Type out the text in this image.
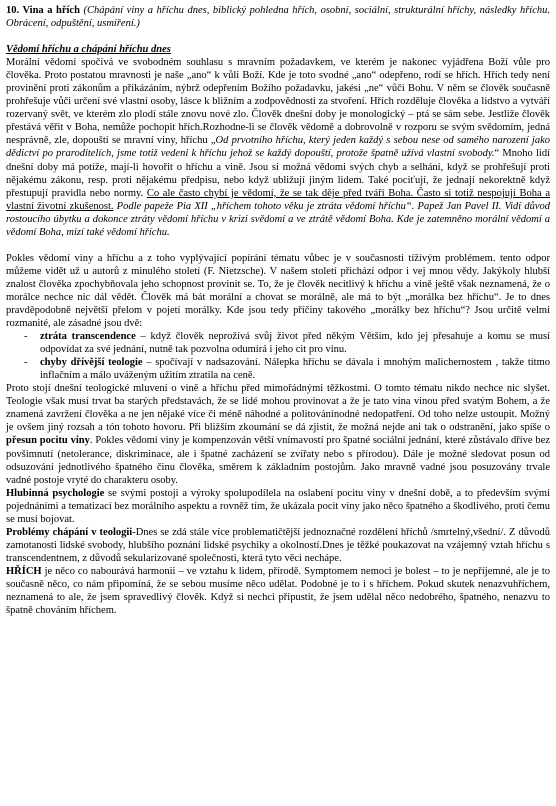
10. Vina a hřích (Chápání viny a hříchu dnes, biblický pohledna hřích, osobní, sociální, strukturální hříchy, následky hříchu. Obrácení, odpuštění, usmíření.)

Vědomí hříchu a chápání hříchu dnes

Morální vědomí spočívá ve svobodném souhlasu s mravním požadavkem, ve kterém je nakonec vyjádřena Boží vůle pro člověka. Proto postatou mravnosti je naše „ano“ k vůli Boží. Kde je toto svodné „ano“ odepřeno, rodí se hřích. Hřích tedy není provinění proti zákonům a přikázáním, nýbrž odepřením Božího požadavku, jakési „ne“ vůči Bohu. V něm se člověk současně prohřešuje vůči určení své vlastní osoby, lásce k bližním a zodpovědnosti za stvoření. Hřích rozděluje člověka a lidstvo a vytváří rozervaný svět, ve kterém zlo plodí stále znovu nové zlo. Člověk dnešní doby je monologický – ptá se sám sebe. Jestliže člověk přestává věřit v Boha, nemůže pochopit hřích.Rozhodne-li se člověk vědomě a dobrovolně v rozporu se svým svědomím, jedná nesprávně, zle, dopouští se mravní viny, hříchu „Od prvotního hříchu, který jeden každý s sebou nese od samého narození jako dědictví po praroditelích, jsme totiž vedeni k hříchu jehož se každý dopouští, protože špatně užívá vlastní svobody.“ Mnoho lidí dnešní doby má potíže, mají-li hovořit o hříchu a vině. Jsou si možná vědomi svých chyb a selhání, když se prohřešují proti nějakému zákonu, resp. proti nějakému předpisu, nebo když ubližují jiným lidem. Také pociťují, že jednají nekorektně když přestupují pravidla nebo normy. Co ale často chybí je vědomí, že se tak děje před tváří Boha. Často si totiž nespojují Boha a vlastní životní zkušenost. Podle papeže Pia XII „hříchem tohoto věku je ztráta vědomí hříchu“. Papež Jan Pavel II. Vidí důvod rostoucího úbytku a dokonce ztráty vědomí hříchu v krizi svědomí a ve ztrátě vědomí Boha. Kde je zatemněno morální vědomí a vědomí Boha, mizí také vědomí hříchu.

Pokles vědomí viny a hříchu a z toho vyplývající popírání tématu vůbec je v současnosti tížívým problémem. tento odpor můžeme vidět už u autorů z minulého století (F. Nietzsche). V našem století přichází odpor i vej mnou vědy. Jakýkoly hlubší znalost člověka zpochybňovala jeho schopnost provinit se. To, že je člověk necitlivý k hříchu a vině ještě však neznamená, že o morálce nechce nic dál vědět. Člověk má bát morální a chovat se morálně, ale má to být „morálka bez hříchu“. Je to dnes pravděpodobně největší přelom v pojetí morálky. Kde jsou tedy příčiny takového „morálky bez hříchu“? Jsou určitě velmi rozmanité, ale zásadné jsou dvě:

- ztráta transcendence – když člověk neprožívá svůj život před někým Větším, kdo jej přesahuje a komu se musí odpovídat za své jednání, nutně tak pozvolna odumírá i jeho cit pro vinu.
- chyby dřívější teologie – spočívají v nadsazování. Nálepka hříchu se dávala i mnohým malichernostem , takže títmo inflačním a málo uváženým užitím ztratila na ceně.

Proto stojí dnešní teologické mluvení o vině a hříchu před mimořádnými těžkostmi. O tomto tématu nikdo nechce nic slyšet. Teologie však musí trvat ba starých představách, že se lidé mohou provinovat a že je tato vina vinou před svatým Bohem, a že znamená zavržení člověka a ne jen nějaké více či méně náhodné a politovánínodné nedopatření. Od toho nelze ustoupit. Možný je ovšem jiný rozsah a tón tohoto hovoru. Při bližším zkoumání se dá zjistit, že možná nejde ani tak o odstranění, jako spíše o přesun pocitu viny. Pokles vědomí viny je kompenzován větší vnímavostí pro špatné sociální jednání, které zůstávalo dříve bez povšimnutí (netolerance, diskriminace, ale i špatné zacházení se zvířaty nebo s přírodou). Dále je možné sledovat posun od odsuzování jednotlivého špatného činu člověka, směrem k základním postojům. Jako mravně vadné jsou posuzovány trvale vadné postoje vryté do charakteru osoby.

Hlubinná psychologie se svými postoji a výroky spolupodílela na oslabení pocitu viny v dnešní době, a to především svými pojednáními a tematizací bez morálního aspektu a rovněž tím, že ukázala pocit viny jako něco špatného a škodlivého, proti čemu se musí bojovat.

Problémy chápání v teologii-Dnes se zdá stále více problematičtější jednoznačné rozdělení hříchů /smrtelný,všední/. Z důvodů zamotanosti lidské svobody, hlubšího poznání lidské psychiky a okolností.Dnes je těžké poukazovat na vzájemný vztah hříchu s transcendentnem, z důvodů sekularizované společnosti, která tyto věci nechápe.

HŘÍCH je něco co nabourává harmonii – ve vztahu k lidem, přírodě. Symptomem nemoci je bolest – to je nepříjemné, ale je to současně něco, co nám připomíná, že se sebou musíme něco udělat. Podobné je to i s hříchem. Pokud skutek nenazvuhříchem, neznamená to ale, že jsem spravedlivý člověk. Když si nechci připustit, že jsem udělal něco nedobrého, špatného, nenazvu to špatně chováním hříchem.
